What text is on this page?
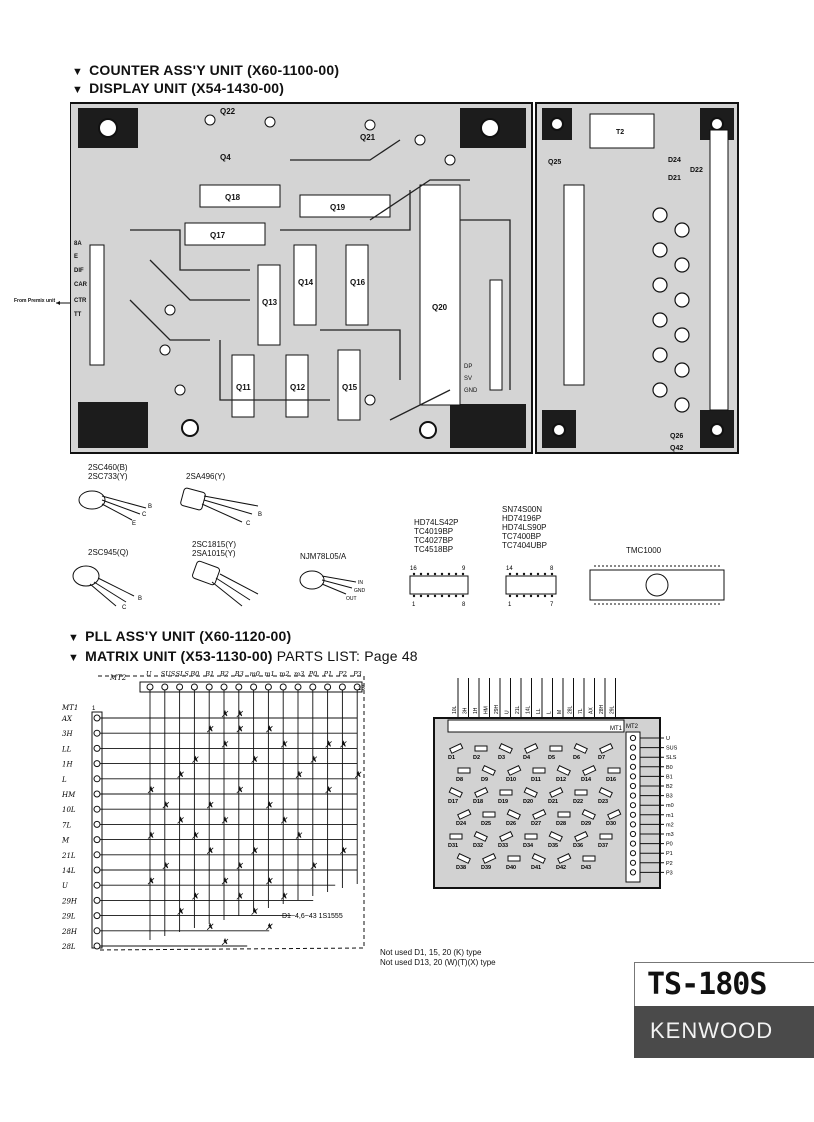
▼ COUNTER ASS'Y UNIT (X60-1100-00)
▼ DISPLAY UNIT (X54-1430-00)
Q18
Q17
Q19
Q13
Q14	Q16
Q11	Q12	Q15
Q20
Q22
Q21
Q4
SV
DP
GND
8A
E
DIF
CAR
CTR
TT
T2
Q26
Q42
D24
D22
D21
Q25
From Premix unit
2SC460(B)
2SC733(Y)
B
C
E
2SA496(Y)
B
C
2SC945(Q)
B
C
2SC1815(Y)
2SA1015(Y)	NJM78L05/A
IN
GND
OUT
HD74LS42P
TC4019BP
TC4027BP
TC4518BP
16	9
1	8
SN74S00N
HD74196P
HD74LS90P
TC7400BP
TC7404UBP
14	8
1	7
TMC1000
▼ PLL ASS'Y UNIT (X60-1120-00)
▼ MATRIX UNIT (X53-1130-00) PARTS LIST: Page 48
MT2	U SUS SLS B0 B1 B2 B3 m0 m1 m2 m3 P0 P1 P2 P3
15
1
MT1
AX
3H
LL
1H
L
HM
10L
7L
M
21L
14L
U
29H
29L
28H
28L
D1~4,6~43 1S1555
10L 3H 1H HM 29H U 21L 14L LL L M 28L 7L AX 28H 29L
MT1 MT2
U
SUS
SLS
B0
B1
B2
B3
m0
m1
m2
m3
P0
P1
P2
P3
D1	D2	D3	D4	D5	D6	D7
D8	D9	D10	D11	D12	D14	D16
D17	D18	D19	D20	D21	D22	D23
D24	D25	D26	D27	D28	D29	D30
D31	D32	D33	D34	D35	D36	D37
D38	D39	D40	D41	D42	D43
Not used D1, 15, 20 (K) type
Not used D13, 20 (W)(T)(X) type
TS-180S
KENWOOD
